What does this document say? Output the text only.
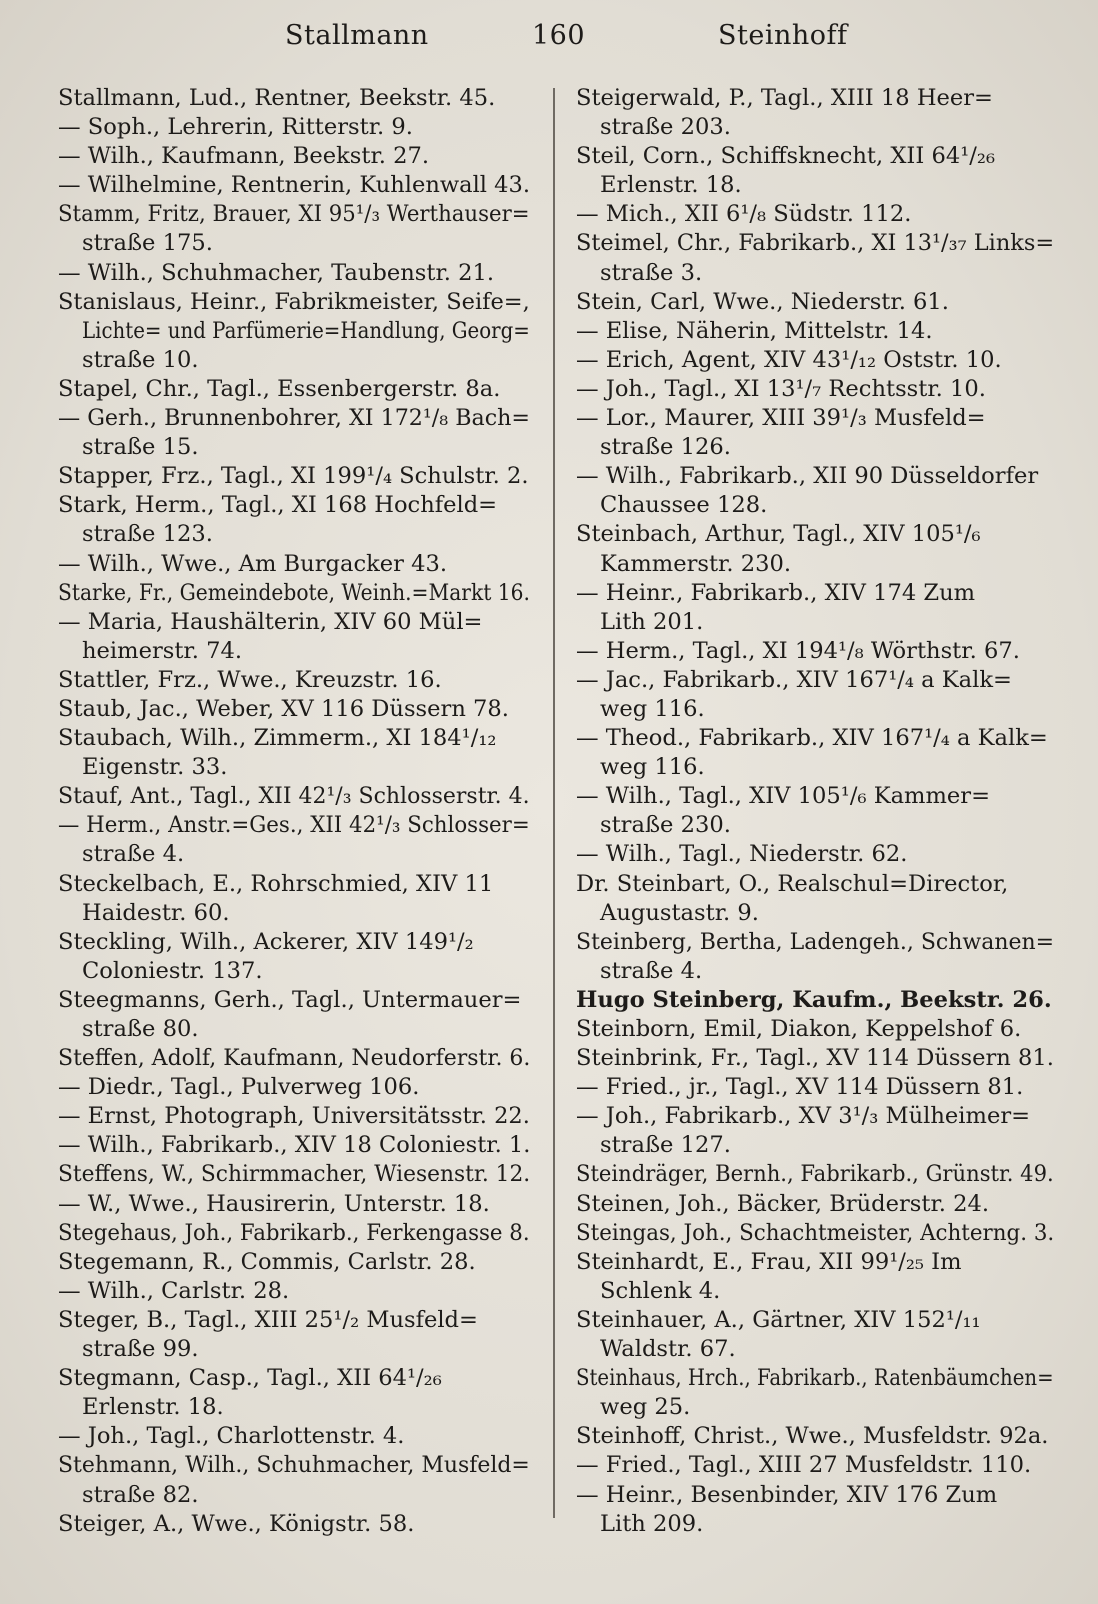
Stallmann	160	Steinhoff
Stallmann, Lud., Rentner, Beekstr. 45.
— Soph., Lehrerin, Ritterstr. 9.
— Wilh., Kaufmann, Beekstr. 27.
— Wilhelmine, Rentnerin, Kuhlenwall 43.
Stamm, Fritz, Brauer, XI 95¹/₃ Werthauser=
straße 175.
— Wilh., Schuhmacher, Taubenstr. 21.
Stanislaus, Heinr., Fabrikmeister, Seife=,
Lichte= und Parfümerie=Handlung, Georg=
straße 10.
Stapel, Chr., Tagl., Essenbergerstr. 8a.
— Gerh., Brunnenbohrer, XI 172¹/₈ Bach=
straße 15.
Stapper, Frz., Tagl., XI 199¹/₄ Schulstr. 2.
Stark, Herm., Tagl., XI 168 Hochfeld=
straße 123.
— Wilh., Wwe., Am Burgacker 43.
Starke, Fr., Gemeindebote, Weinh.=Markt 16.
— Maria, Haushälterin, XIV 60 Mül=
heimerstr. 74.
Stattler, Frz., Wwe., Kreuzstr. 16.
Staub, Jac., Weber, XV 116 Düssern 78.
Staubach, Wilh., Zimmerm., XI 184¹/₁₂
Eigenstr. 33.
Stauf, Ant., Tagl., XII 42¹/₃ Schlosserstr. 4.
— Herm., Anstr.=Ges., XII 42¹/₃ Schlosser=
straße 4.
Steckelbach, E., Rohrschmied, XIV 11
Haidestr. 60.
Steckling, Wilh., Ackerer, XIV 149¹/₂
Coloniestr. 137.
Steegmanns, Gerh., Tagl., Untermauer=
straße 80.
Steffen, Adolf, Kaufmann, Neudorferstr. 6.
— Diedr., Tagl., Pulverweg 106.
— Ernst, Photograph, Universitätsstr. 22.
— Wilh., Fabrikarb., XIV 18 Coloniestr. 1.
Steffens, W., Schirmmacher, Wiesenstr. 12.
— W., Wwe., Hausirerin, Unterstr. 18.
Stegehaus, Joh., Fabrikarb., Ferkengasse 8.
Stegemann, R., Commis, Carlstr. 28.
— Wilh., Carlstr. 28.
Steger, B., Tagl., XIII 25¹/₂ Musfeld=
straße 99.
Stegmann, Casp., Tagl., XII 64¹/₂₆
Erlenstr. 18.
— Joh., Tagl., Charlottenstr. 4.
Stehmann, Wilh., Schuhmacher, Musfeld=
straße 82.
Steiger, A., Wwe., Königstr. 58.
Steigerwald, P., Tagl., XIII 18 Heer=
straße 203.
Steil, Corn., Schiffsknecht, XII 64¹/₂₆
Erlenstr. 18.
— Mich., XII 6¹/₈ Südstr. 112.
Steimel, Chr., Fabrikarb., XI 13¹/₃₇ Links=
straße 3.
Stein, Carl, Wwe., Niederstr. 61.
— Elise, Näherin, Mittelstr. 14.
— Erich, Agent, XIV 43¹/₁₂ Oststr. 10.
— Joh., Tagl., XI 13¹/₇ Rechtsstr. 10.
— Lor., Maurer, XIII 39¹/₃ Musfeld=
straße 126.
— Wilh., Fabrikarb., XII 90 Düsseldorfer
Chaussee 128.
Steinbach, Arthur, Tagl., XIV 105¹/₆
Kammerstr. 230.
— Heinr., Fabrikarb., XIV 174 Zum
Lith 201.
— Herm., Tagl., XI 194¹/₈ Wörthstr. 67.
— Jac., Fabrikarb., XIV 167¹/₄ a Kalk=
weg 116.
— Theod., Fabrikarb., XIV 167¹/₄ a Kalk=
weg 116.
— Wilh., Tagl., XIV 105¹/₆ Kammer=
straße 230.
— Wilh., Tagl., Niederstr. 62.
Dr. Steinbart, O., Realschul=Director,
Augustastr. 9.
Steinberg, Bertha, Ladengeh., Schwanen=
straße 4.
Hugo Steinberg, Kaufm., Beekstr. 26.
Steinborn, Emil, Diakon, Keppelshof 6.
Steinbrink, Fr., Tagl., XV 114 Düssern 81.
— Fried., jr., Tagl., XV 114 Düssern 81.
— Joh., Fabrikarb., XV 3¹/₃ Mülheimer=
straße 127.
Steindräger, Bernh., Fabrikarb., Grünstr. 49.
Steinen, Joh., Bäcker, Brüderstr. 24.
Steingas, Joh., Schachtmeister, Achterng. 3.
Steinhardt, E., Frau, XII 99¹/₂₅ Im
Schlenk 4.
Steinhauer, A., Gärtner, XIV 152¹/₁₁
Waldstr. 67.
Steinhaus, Hrch., Fabrikarb., Ratenbäumchen=
weg 25.
Steinhoff, Christ., Wwe., Musfeldstr. 92a.
— Fried., Tagl., XIII 27 Musfeldstr. 110.
— Heinr., Besenbinder, XIV 176 Zum
Lith 209.
